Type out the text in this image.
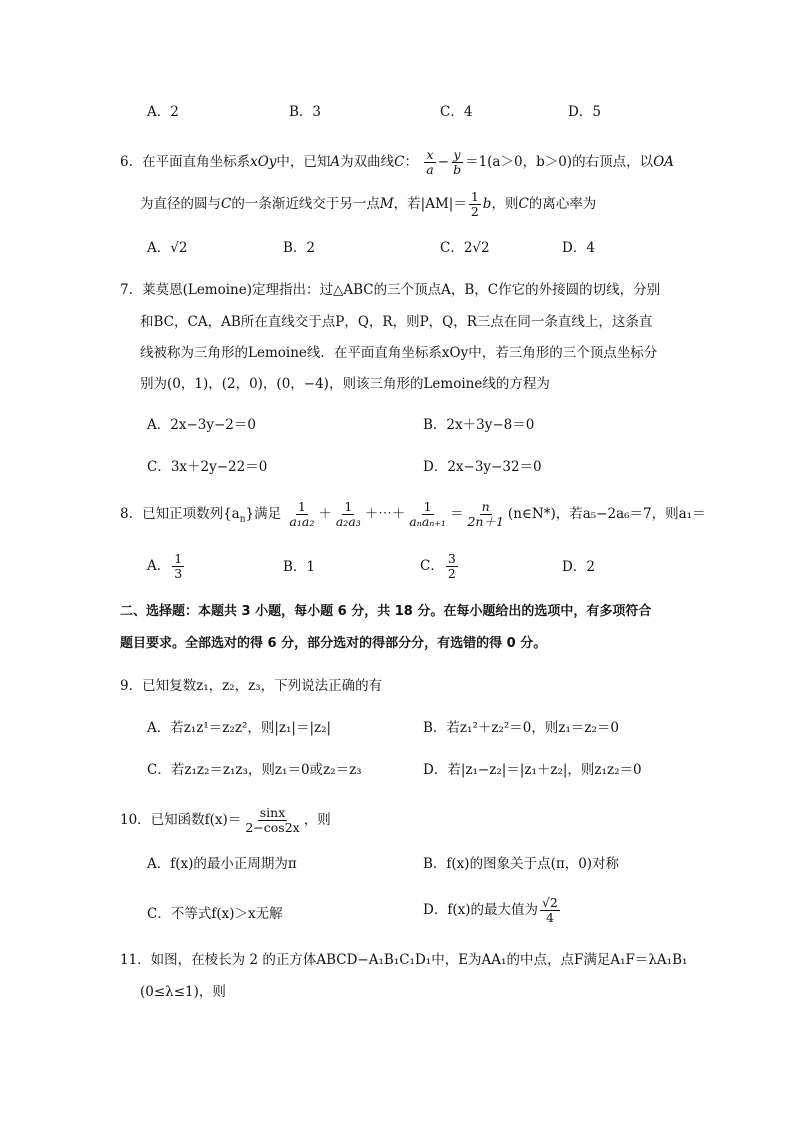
A．2	B．3	C．4	D．5
6．在平面直角坐标系xOy中，已知A为双曲线C： $\frac{x}{a} - \frac{y}{b} =1(a>0$，b＞0)的右顶点，以OA
为直径的圆与C的一条渐近线交于另一点M，若$|AM|= \frac{1}{2}$ b，则C的离心率为
A．√2	B．2	C．2√2	D．4
7．莱莫恩(Lemoine)定理指出：过△ABC的三个顶点A，B，C作它的外接圆的切线，分别
和BC，CA，AB所在直线交于点P，Q，R，则P，Q，R三点在同一条直线上，这条直
线被称为三角形的Lemoine线．在平面直角坐标系xOy中，若三角形的三个顶点坐标分
别为(0，1)，(2，0)，(0，−4)，则该三角形的Lemoine线的方程为
A．2x−3y−2＝0	B．2x＋3y−8＝0
C．3x＋2y−22＝0	D．2x−3y−32＝0
8．已知正项数列$\{a_n\}$满足 $\frac{1}{\text{a₁a₂}} + \frac{1}{\text{a₂a₃}}$ ＋⋯＋ $\frac{1}{\text{aₙaₙ₊₁}} = \frac{n}{2n+1}$ (n∈N*)，若a₅−2a₆＝7，则a₁＝
A． $\frac{1}{3}$	B．1	C． $\frac{3}{2}$	D．2
二、选择题：本题共 3 小题，每小题 6 分，共 18 分。在每小题给出的选项中，有多项符合
题目要求。全部选对的得 6 分，部分选对的得部分分，有选错的得 0 分。
9．已知复数z₁，z₂，z₃，下列说法正确的有
A．若z₁z¹＝z₂z²，则|z₁|＝|z₂|	B．若z₁²＋z₂²＝0，则z₁＝z₂＝0
C．若z₁z₂＝z₁z₃，则z₁＝0或z₂＝z₃	D．若|z₁−z₂|＝|z₁＋z₂|，则z₁z₂＝0
10．已知函数$f(x)= \frac{\sin x}{2-\cos 2x}$ ，则
A．f(x)的最小正周期为π	B．f(x)的图象关于点(π，0)对称
C．不等式f(x)＞x无解	D．f(x)的最大值为 $\frac{√2}{4}$
11．如图，在棱长为 2 的正方体ABCD−A₁B₁C₁D₁中，E为AA₁的中点，点F满足A₁F＝λA₁B₁
(0≤λ≤1)，则
